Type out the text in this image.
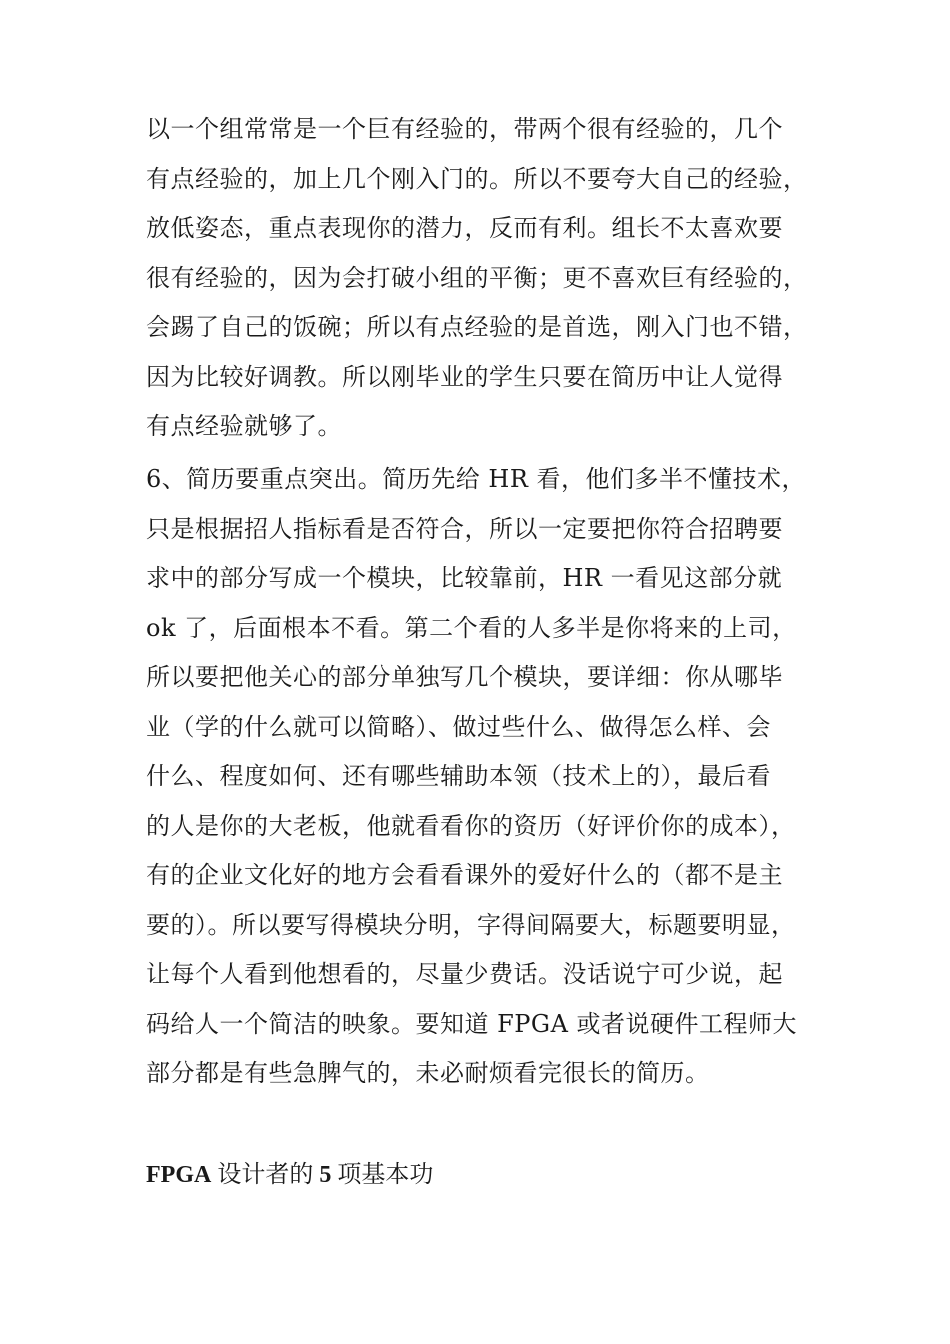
以一个组常常是一个巨有经验的，带两个很有经验的，几个
有点经验的，加上几个刚入门的。所以不要夸大自己的经验，
放低姿态，重点表现你的潜力，反而有利。组长不太喜欢要
很有经验的，因为会打破小组的平衡；更不喜欢巨有经验的，
会踢了自己的饭碗；所以有点经验的是首选，刚入门也不错，
因为比较好调教。所以刚毕业的学生只要在简历中让人觉得
有点经验就够了。
6、简历要重点突出。简历先给 HR 看，他们多半不懂技术，
只是根据招人指标看是否符合，所以一定要把你符合招聘要
求中的部分写成一个模块，比较靠前，HR 一看见这部分就
ok 了，后面根本不看。第二个看的人多半是你将来的上司，
所以要把他关心的部分单独写几个模块，要详细：你从哪毕
业（学的什么就可以简略）、做过些什么、做得怎么样、会
什么、程度如何、还有哪些辅助本领（技术上的），最后看
的人是你的大老板，他就看看你的资历（好评价你的成本），
有的企业文化好的地方会看看课外的爱好什么的（都不是主
要的）。所以要写得模块分明，字得间隔要大，标题要明显，
让每个人看到他想看的，尽量少费话。没话说宁可少说，起
码给人一个简洁的映象。要知道 FPGA 或者说硬件工程师大
部分都是有些急脾气的，未必耐烦看完很长的简历。
FPGA 设计者的 5 项基本功
